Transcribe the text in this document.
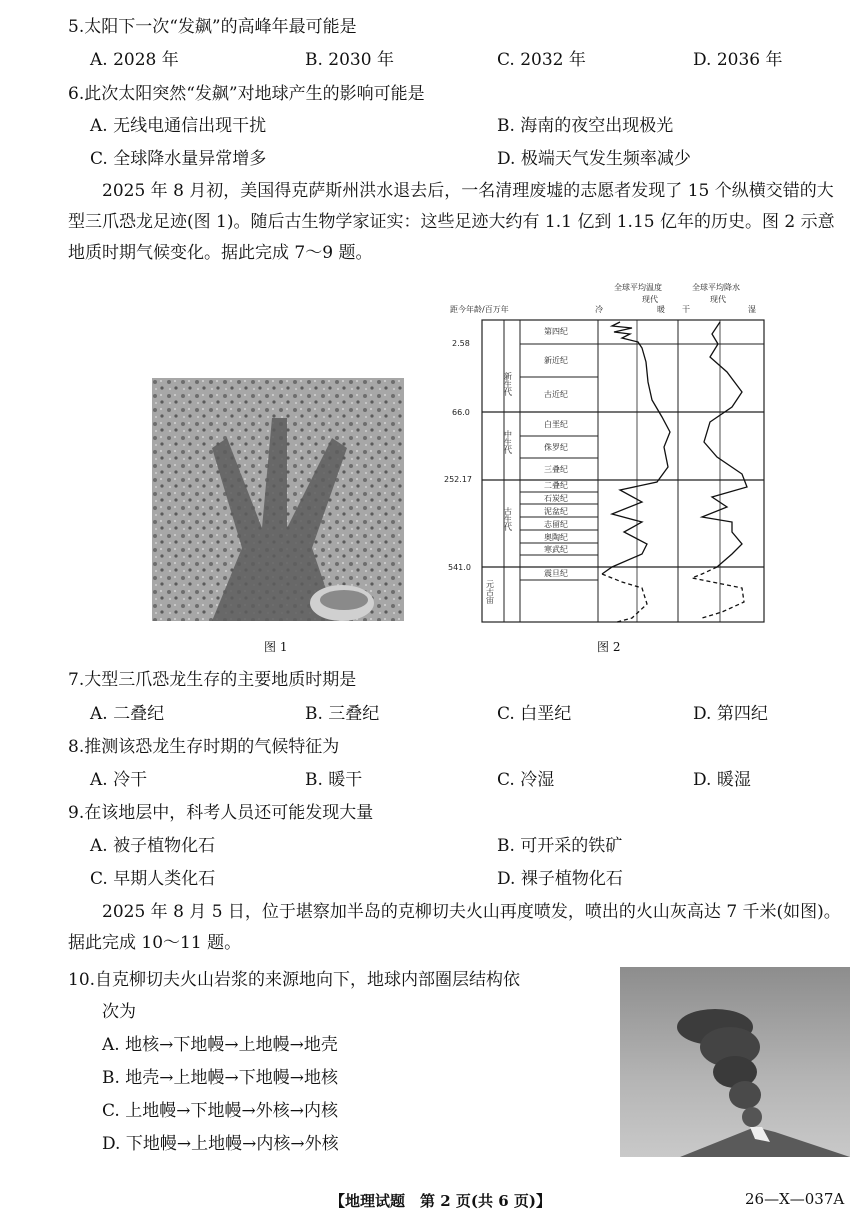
5.太阳下一次“发飙”的高峰年最可能是
A. 2028 年	B. 2030 年	C. 2032 年	D. 2036 年
6.此次太阳突然“发飙”对地球产生的影响可能是
A. 无线电通信出现干扰	B. 海南的夜空出现极光
C. 全球降水量异常增多	D. 极端天气发生频率减少
2025 年 8 月初，美国得克萨斯州洪水退去后，一名清理废墟的志愿者发现了 15 个纵横交错的大型三爪恐龙足迹(图 1)。随后古生物学家证实：这些足迹大约有 1.1 亿到 1.15 亿年的历史。图 2 示意地质时期气候变化。据此完成 7～9 题。
图 1
距今年龄/百万年
全球平均温度	全球平均降水
现代	现代
冷	暖 干	湿
2.58
66.0
252.17
541.0
新生代
中生代
古生代
元古宙
第四纪
新近纪
古近纪
白垩纪
侏罗纪
三叠纪
二叠纪
石炭纪
泥盆纪
志留纪
奥陶纪
寒武纪
震旦纪
图 2
7.大型三爪恐龙生存的主要地质时期是
A. 二叠纪	B. 三叠纪	C. 白垩纪	D. 第四纪
8.推测该恐龙生存时期的气候特征为
A. 冷干	B. 暖干	C. 冷湿	D. 暖湿
9.在该地层中，科考人员还可能发现大量
A. 被子植物化石	B. 可开采的铁矿
C. 早期人类化石	D. 裸子植物化石
2025 年 8 月 5 日，位于堪察加半岛的克柳切夫火山再度喷发，喷出的火山灰高达 7 千米(如图)。据此完成 10～11 题。
10.自克柳切夫火山岩浆的来源地向下，地球内部圈层结构依
次为
A. 地核→下地幔→上地幔→地壳
B. 地壳→上地幔→下地幔→地核
C. 上地幔→下地幔→外核→内核
D. 下地幔→上地幔→内核→外核
【地理试题　第 2 页(共 6 页)】	26—X—037A
